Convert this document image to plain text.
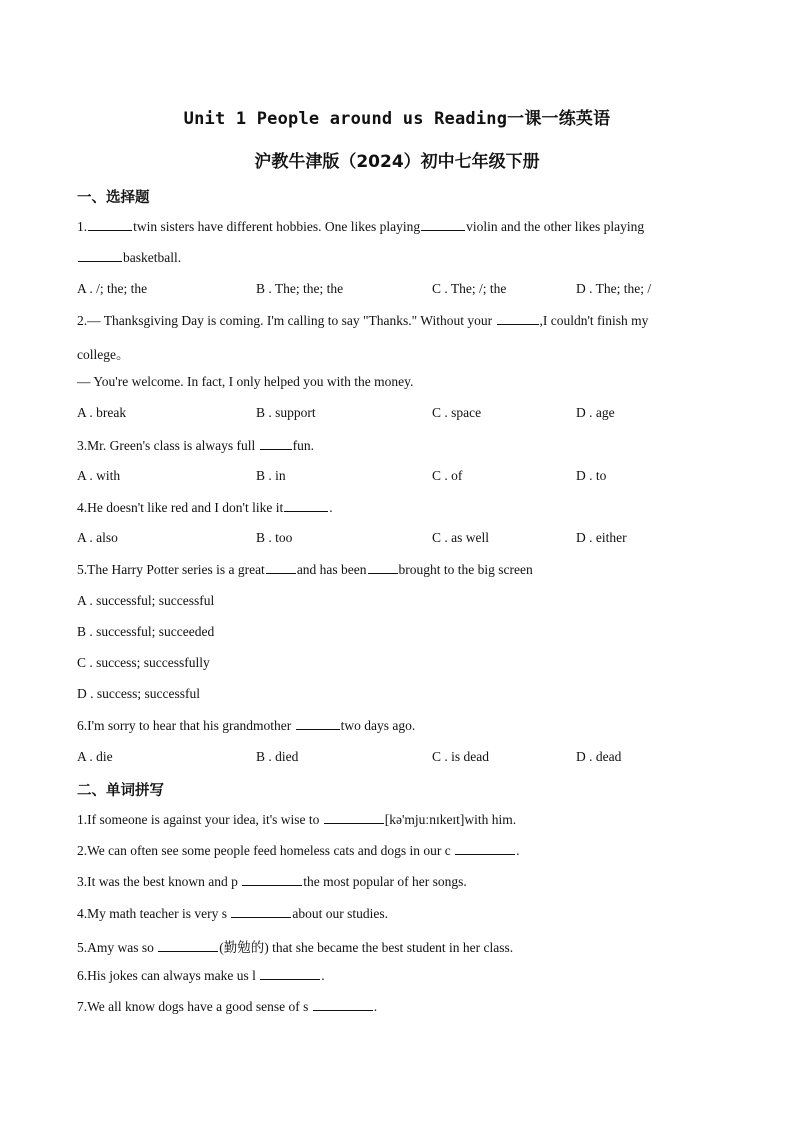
Unit 1 People around us Reading一课一练英语
沪教牛津版（2024）初中七年级下册
一、选择题
1.	twin sisters have different hobbies. One likes playing	violin and the other likes playing
basketball.
A . /; the; the	B . The; the; the	C . The; /; the	D . The; the; /
2.— Thanksgiving Day is coming. I'm calling to say "Thanks." Without your	,I couldn't finish my
college。
— You're welcome. In fact, I only helped you with the money.
A . break	B . support	C . space	D . age
3.Mr. Green's class is always full	fun.
A . with	B . in	C . of	D . to
4.He doesn't like red and I don't like it	.
A . also	B . too	C . as well	D . either
5.The Harry Potter series is a great and has been brought to the big screen
A . successful; successful
B . successful; succeeded
C . success; successfully
D . success; successful
6.I'm sorry to hear that his grandmother	two days ago.
A . die	B . died	C . is dead	D . dead
二、单词拼写
1.If someone is against your idea, it's wise to	[kə'mjuːnɪkeɪt]with him.
2.We can often see some people feed homeless cats and dogs in our c	.
3.It was the best known and p	the most popular of her songs.
4.My math teacher is very s	about our studies.
5.Amy was so	(勤勉的) that she became the best student in her class.
6.His jokes can always make us l	.
7.We all know dogs have a good sense of s	.
